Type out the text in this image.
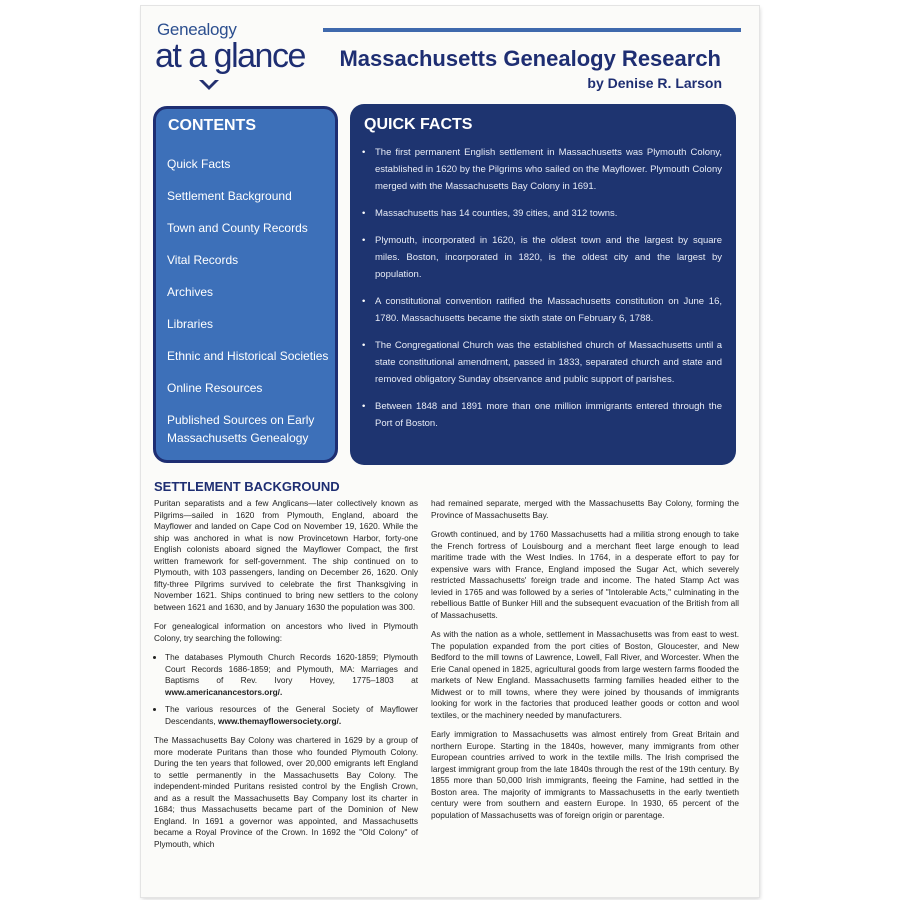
Genealogy
at a glance Massachusetts Genealogy Research
by Denise R. Larson
CONTENTS
Quick Facts
Settlement Background
Town and County Records
Vital Records
Archives
Libraries
Ethnic and Historical Societies
Online Resources
Published Sources on Early Massachusetts Genealogy
QUICK FACTS
• The first permanent English settlement in Massachusetts was Plymouth Colony, established in 1620 by the Pilgrims who sailed on the Mayflower. Plymouth Colony merged with the Massachusetts Bay Colony in 1691.
• Massachusetts has 14 counties, 39 cities, and 312 towns.
• Plymouth, incorporated in 1620, is the oldest town and the largest by square miles. Boston, incorporated in 1820, is the oldest city and the largest by population.
• A constitutional convention ratified the Massachusetts constitution on June 16, 1780. Massachusetts became the sixth state on February 6, 1788.
• The Congregational Church was the established church of Massachusetts until a state constitutional amendment, passed in 1833, separated church and state and removed obligatory Sunday observance and public support of parishes.
• Between 1848 and 1891 more than one million immigrants entered through the Port of Boston.
SETTLEMENT BACKGROUND

Puritan separatists and a few Anglicans—later collectively known as Pilgrims—sailed in 1620 from Plymouth, England, aboard the Mayflower and landed on Cape Cod on November 19, 1620. While the ship was anchored in what is now Provincetown Harbor, forty-one English colonists aboard signed the Mayflower Compact, the first written framework for self-government. The ship continued on to Plymouth, with 103 passengers, landing on December 26, 1620. Only fifty-three Pilgrims survived to celebrate the first Thanksgiving in November 1621. Ships continued to bring new settlers to the colony between 1621 and 1630, and by January 1630 the population was 300.

For genealogical information on ancestors who lived in Plymouth Colony, try searching the following:

• The databases Plymouth Church Records 1620-1859; Plymouth Court Records 1686-1859; and Plymouth, MA: Marriages and Baptisms of Rev. Ivory Hovey, 1775–1803 at www.americanancestors.org/.
• The various resources of the General Society of Mayflower Descendants, www.themayflowersociety.org/.

The Massachusetts Bay Colony was chartered in 1629 by a group of more moderate Puritans than those who founded Plymouth Colony. During the ten years that followed, over 20,000 emigrants left England to settle permanently in the Massachusetts Bay Colony. The independent-minded Puritans resisted control by the English Crown, and as a result the Massachusetts Bay Company lost its charter in 1684; thus Massachusetts became part of the Dominion of New England. In 1691 a governor was appointed, and Massachusetts became a Royal Province of the Crown. In 1692 the "Old Colony" of Plymouth, which

had remained separate, merged with the Massachusetts Bay Colony, forming the Province of Massachusetts Bay.

Growth continued, and by 1760 Massachusetts had a militia strong enough to take the French fortress of Louisbourg and a merchant fleet large enough to lead maritime trade with the West Indies. In 1764, in a desperate effort to pay for expensive wars with France, England imposed the Sugar Act, which severely restricted Massachusetts' foreign trade and income. The hated Stamp Act was levied in 1765 and was followed by a series of "Intolerable Acts," culminating in the rebellious Battle of Bunker Hill and the subsequent evacuation of the British from all of Massachusetts.

As with the nation as a whole, settlement in Massachusetts was from east to west. The population expanded from the port cities of Boston, Gloucester, and New Bedford to the mill towns of Lawrence, Lowell, Fall River, and Worcester. When the Erie Canal opened in 1825, agricultural goods from large western farms flooded the markets of New England. Massachusetts farming families headed either to the Midwest or to mill towns, where they were joined by thousands of immigrants looking for work in the factories that produced leather goods or cotton and wool textiles, or the machinery needed by manufacturers.

Early immigration to Massachusetts was almost entirely from Great Britain and northern Europe. Starting in the 1840s, however, many immigrants from other European countries arrived to work in the textile mills. The Irish comprised the largest immigrant group from the late 1840s through the rest of the 19th century. By 1855 more than 50,000 Irish immigrants, fleeing the Famine, had settled in the Boston area. The majority of immigrants to Massachusetts in the early twentieth century were from southern and eastern Europe. In 1930, 65 percent of the population of Massachusetts was of foreign origin or parentage.
